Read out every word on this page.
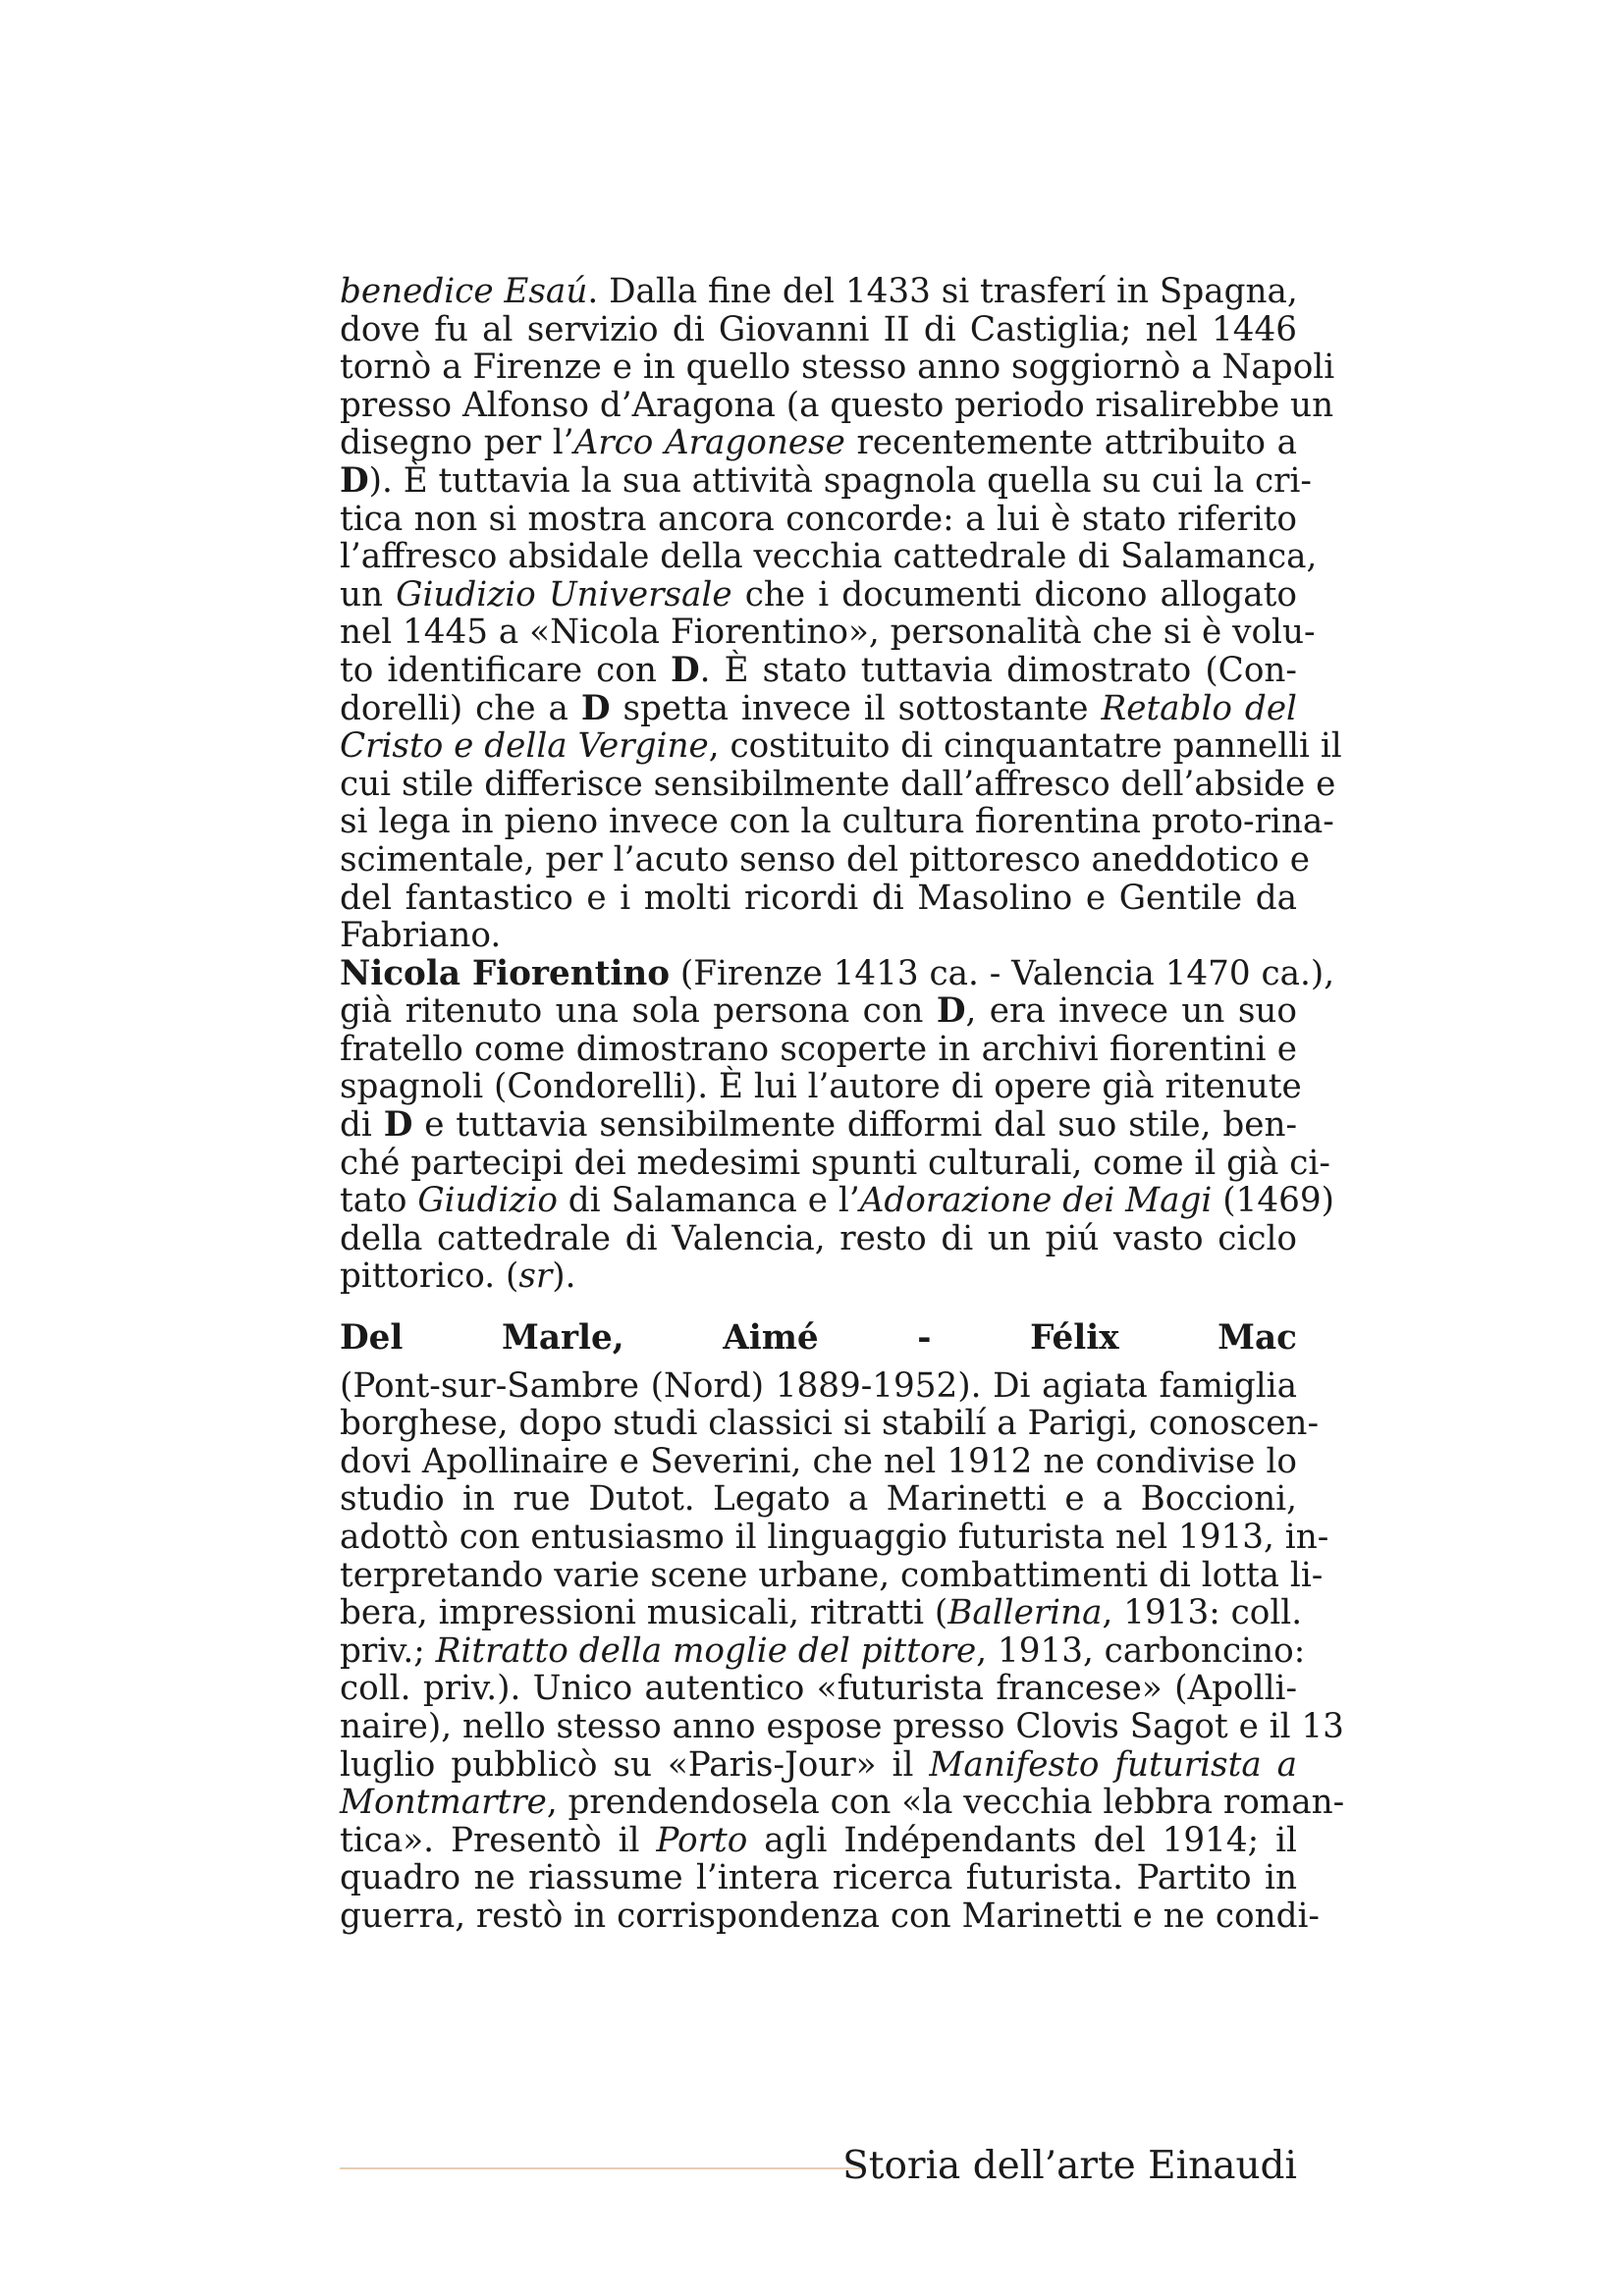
benedice Esaú. Dalla fine del 1433 si trasferí in Spagna,
dove fu al servizio di Giovanni II di Castiglia; nel 1446
tornò a Firenze e in quello stesso anno soggiornò a Napoli
presso Alfonso d’Aragona (a questo periodo risalirebbe un
disegno per l’Arco Aragonese recentemente attribuito a
D). È tuttavia la sua attività spagnola quella su cui la cri-
tica non si mostra ancora concorde: a lui è stato riferito
l’affresco absidale della vecchia cattedrale di Salamanca,
un Giudizio Universale che i documenti dicono allogato
nel 1445 a «Nicola Fiorentino», personalità che si è volu-
to identificare con D. È stato tuttavia dimostrato (Con-
dorelli) che a D spetta invece il sottostante Retablo del
Cristo e della Vergine, costituito di cinquantatre pannelli il
cui stile differisce sensibilmente dall’affresco dell’abside e
si lega in pieno invece con la cultura fiorentina proto-rina-
scimentale, per l’acuto senso del pittoresco aneddotico e
del fantastico e i molti ricordi di Masolino e Gentile da
Fabriano.
Nicola Fiorentino (Firenze 1413 ca. - Valencia 1470 ca.),
già ritenuto una sola persona con D, era invece un suo
fratello come dimostrano scoperte in archivi fiorentini e
spagnoli (Condorelli). È lui l’autore di opere già ritenute
di D e tuttavia sensibilmente difformi dal suo stile, ben-
ché partecipi dei medesimi spunti culturali, come il già ci-
tato Giudizio di Salamanca e l’Adorazione dei Magi (1469)
della cattedrale di Valencia, resto di un piú vasto ciclo
pittorico. (sr).
Del Marle, Aimé - Félix Mac
(Pont-sur-Sambre (Nord) 1889-1952). Di agiata famiglia
borghese, dopo studi classici si stabilí a Parigi, conoscen-
dovi Apollinaire e Severini, che nel 1912 ne condivise lo
studio in rue Dutot. Legato a Marinetti e a Boccioni,
adottò con entusiasmo il linguaggio futurista nel 1913, in-
terpretando varie scene urbane, combattimenti di lotta li-
bera, impressioni musicali, ritratti (Ballerina, 1913: coll.
priv.; Ritratto della moglie del pittore, 1913, carboncino:
coll. priv.). Unico autentico «futurista francese» (Apolli-
naire), nello stesso anno espose presso Clovis Sagot e il 13
luglio pubblicò su «Paris-Jour» il Manifesto futurista a
Montmartre, prendendosela con «la vecchia lebbra roman-
tica». Presentò il Porto agli Indépendants del 1914; il
quadro ne riassume l’intera ricerca futurista. Partito in
guerra, restò in corrispondenza con Marinetti e ne condi-
Storia dell’arte Einaudi
